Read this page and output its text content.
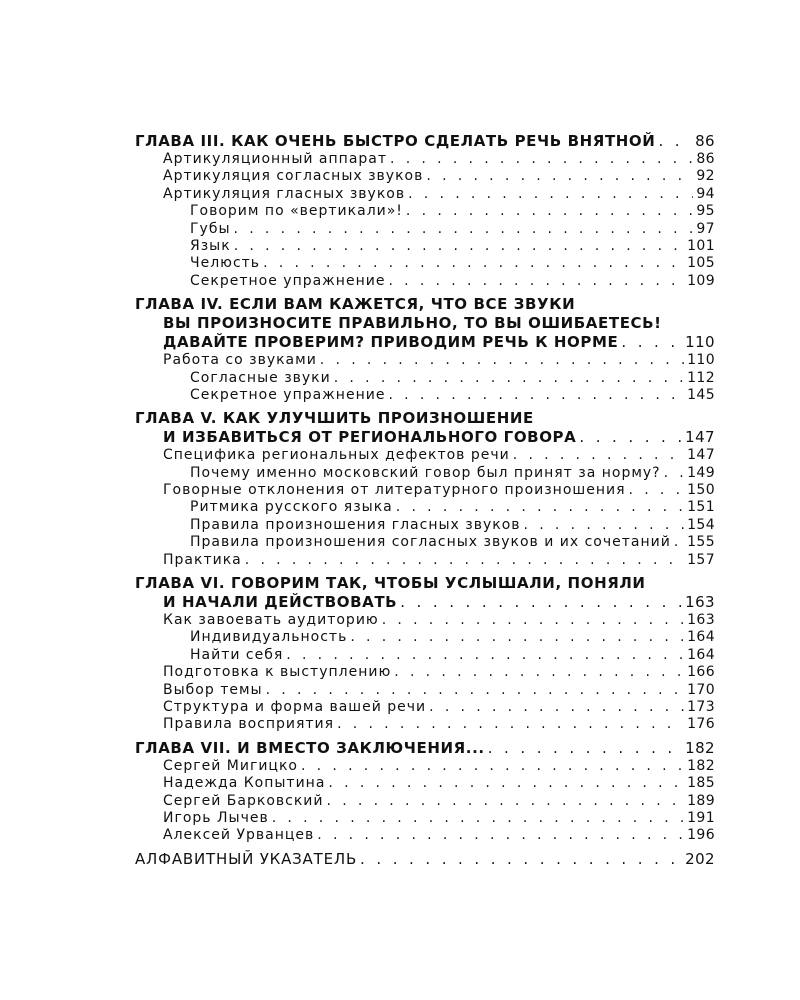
ГЛАВА III. КАК ОЧЕНЬ БЫСТРО СДЕЛАТЬ РЕЧЬ ВНЯТНОЙ . . .	86
Артикуляционный аппарат . . .	86
Артикуляция согласных звуков . . .	92
Артикуляция гласных звуков . . .	94
Говорим по «вертикали»! . . .	95
Губы . . .	97
Язык . . .	101
Челюсть . . .	105
Секретное упражнение . . .	109
ГЛАВА IV. ЕСЛИ ВАМ КАЖЕТСЯ, ЧТО ВСЕ ЗВУКИ
ВЫ ПРОИЗНОСИТЕ ПРАВИЛЬНО, ТО ВЫ ОШИБАЕТЕСЬ!
ДАВАЙТЕ ПРОВЕРИМ? ПРИВОДИМ РЕЧЬ К НОРМЕ . . .	110
Работа со звуками . . .	110
Согласные звуки . . .	112
Секретное упражнение . . .	145
ГЛАВА V. КАК УЛУЧШИТЬ ПРОИЗНОШЕНИЕ
И ИЗБАВИТЬСЯ ОТ РЕГИОНАЛЬНОГО ГОВОРА . . .	147
Специфика региональных дефектов речи . . .	147
Почему именно московский говор был принят за норму? . . . 149
Говорные отклонения от литературного произношения . . .	150
Ритмика русского языка . . .	151
Правила произношения гласных звуков . . .	154
Правила произношения согласных звуков и их сочетаний . . . 155
Практика . . .	157
ГЛАВА VI. ГОВОРИМ ТАК, ЧТОБЫ УСЛЫШАЛИ, ПОНЯЛИ
И НАЧАЛИ ДЕЙСТВОВАТЬ . . .	163
Как завоевать аудиторию . . .	163
Индивидуальность . . .	164
Найти себя . . .	164
Подготовка к выступлению . . .	166
Выбор темы . . .	170
Структура и форма вашей речи . . .	173
Правила восприятия . . .	176
ГЛАВА VII. И ВМЕСТО ЗАКЛЮЧЕНИЯ... . . .	182
Сергей Мигицко . . .	182
Надежда Копытина . . .	185
Сергей Барковский . . .	189
Игорь Лычев . . .	191
Алексей Урванцев . . .	196
АЛФАВИТНЫЙ УКАЗАТЕЛЬ . . .	202
